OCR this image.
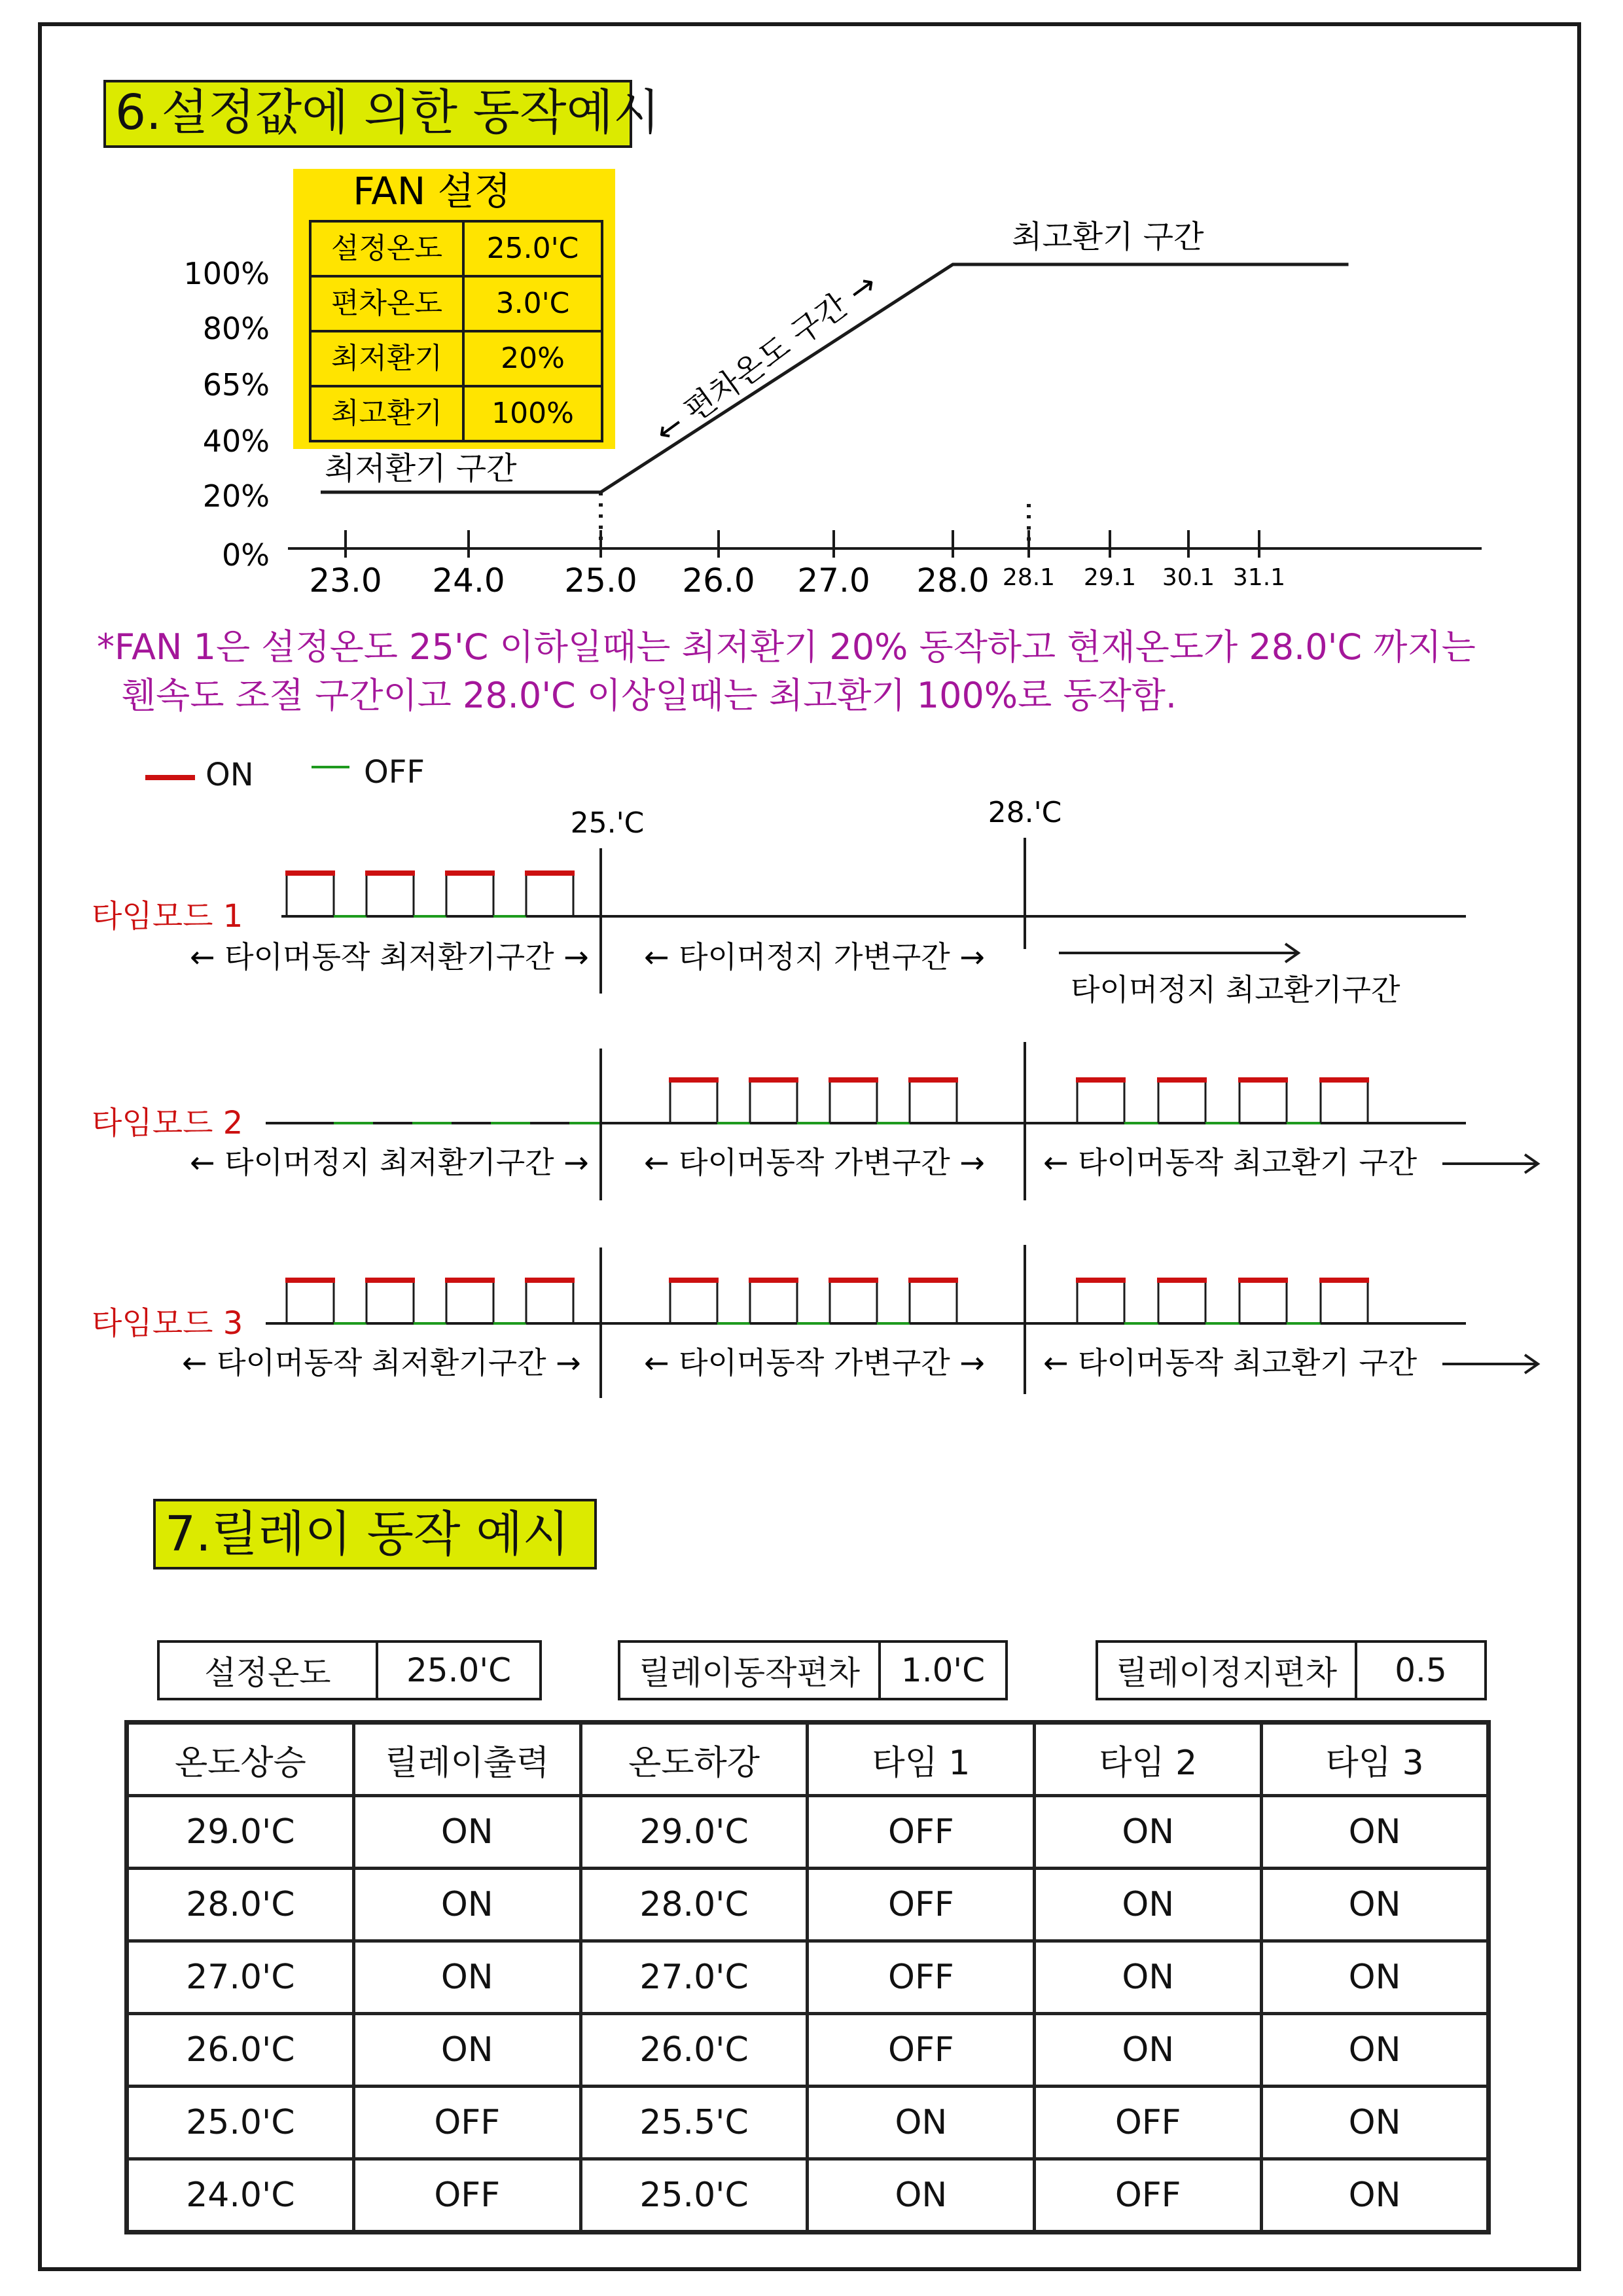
6.설정값에 의한 동작예시
FAN 설정
설정온도 25.0'C
편차온도 3.0'C
최저환기 20%
최고환기 100%
100%
80%
65%
40%
20%
0%
23.0 24.0 25.0 26.0 27.0 28.0 28.1 29.1 30.1 31.1
최저환기 구간
최고환기 구간
← 편차온도 구간 →
*FAN 1은 설정온도 25'C 이하일때는 최저환기 20% 동작하고 현재온도가 28.0'C 까지는
휀속도 조절 구간이고 28.0'C 이상일때는 최고환기 100%로 동작함.
ON	OFF
25.'C	28.'C
타임모드 1
← 타이머동작 최저환기구간 → ← 타이머정지 가변구간 →
타이머정지 최고환기구간
타임모드 2
← 타이머정지 최저환기구간 → ← 타이머동작 가변구간 → ← 타이머동작 최고환기 구간
타임모드 3
← 타이머동작 최저환기구간 → ← 타이머동작 가변구간 → ← 타이머동작 최고환기 구간
7.릴레이 동작 예시
설정온도	25.0'C	릴레이동작편차	1.0'C	릴레이정지편차	0.5
온도상승	릴레이출력	온도하강	타임 1	타임 2	타임 3
29.0'C	ON	29.0'C	OFF	ON	ON
28.0'C	ON	28.0'C	OFF	ON	ON
27.0'C	ON	27.0'C	OFF	ON	ON
26.0'C	ON	26.0'C	OFF	ON	ON
25.0'C	OFF	25.5'C	ON	OFF	ON
24.0'C	OFF	25.0'C	ON	OFF	ON
